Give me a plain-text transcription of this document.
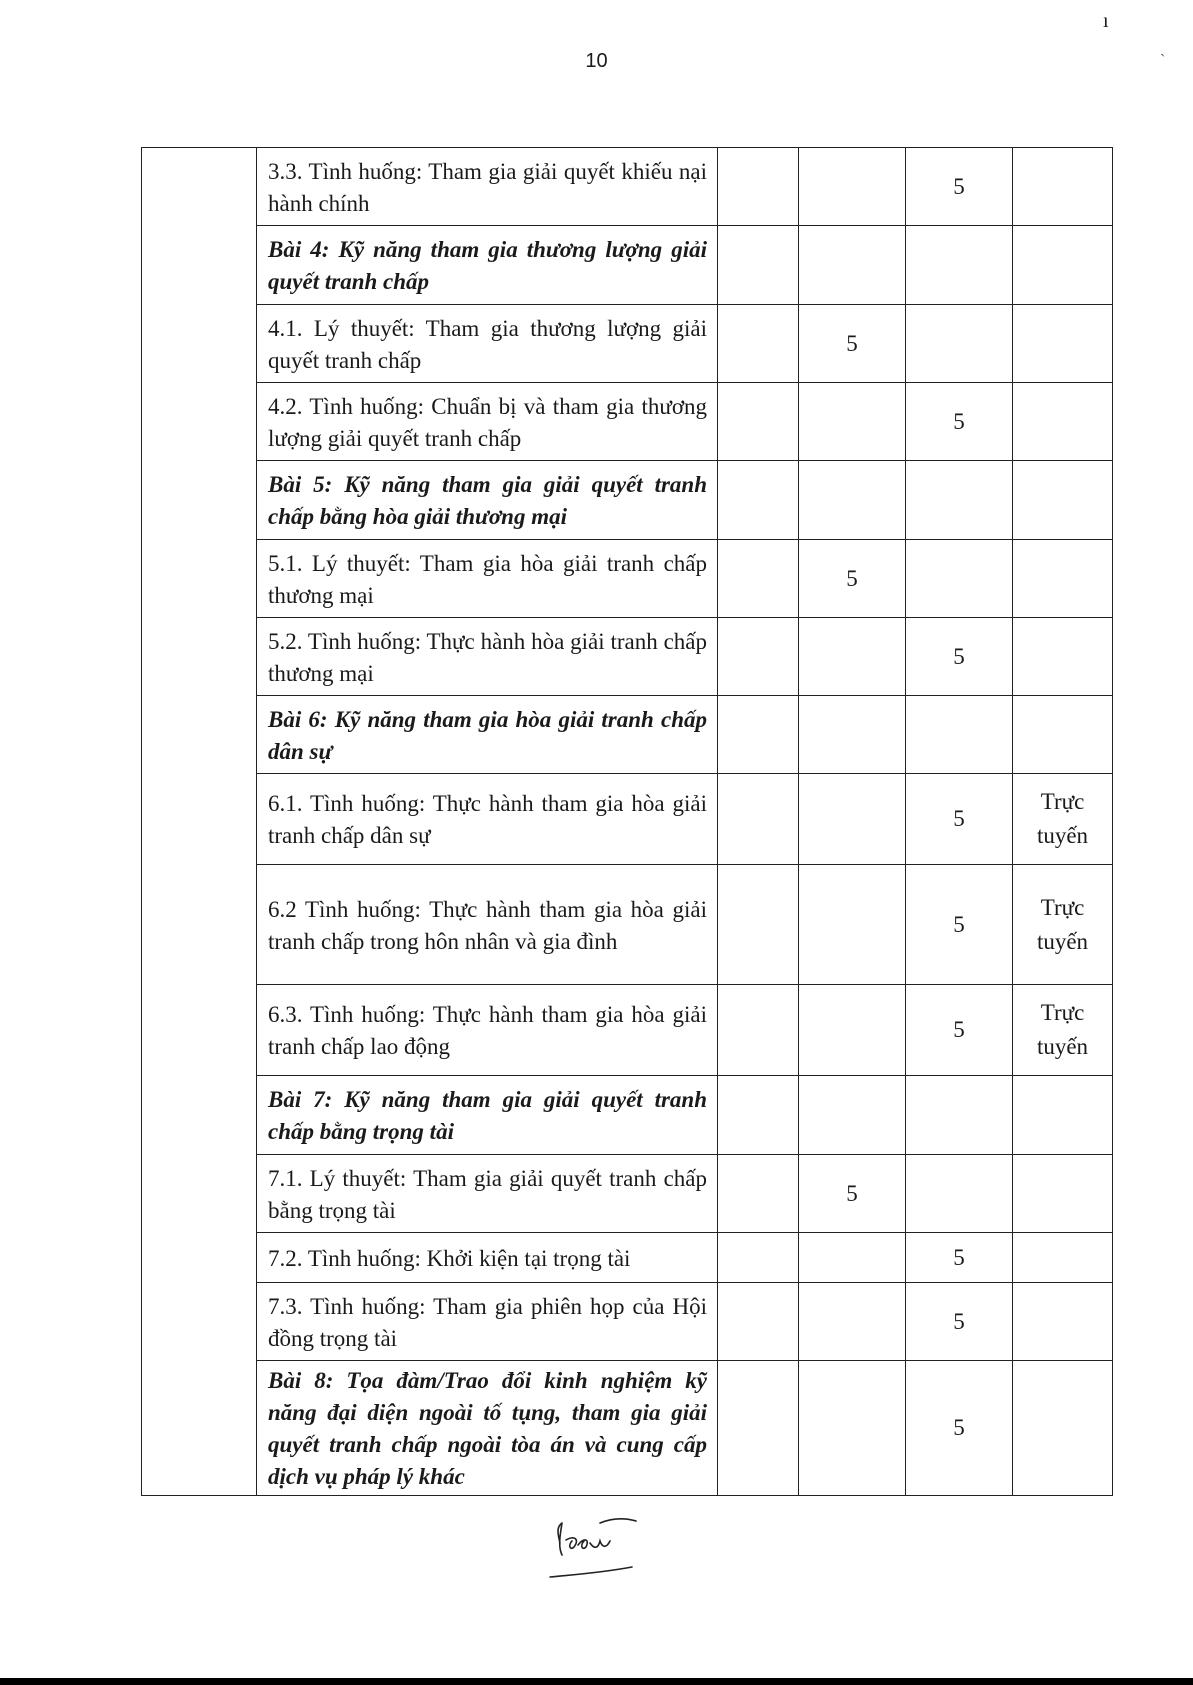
10
ı
ˏ

	3.3. Tình huống: Tham gia giải quyết khiếu nại hành chính			5	

	Bài 4: Kỹ năng tham gia thương lượng giải quyết tranh chấp				

	4.1. Lý thuyết: Tham gia thương lượng giải quyết tranh chấp		5		

	4.2. Tình huống: Chuẩn bị và tham gia thương lượng giải quyết tranh chấp			5	

	Bài 5: Kỹ năng tham gia giải quyết tranh chấp bằng hòa giải thương mại				

	5.1. Lý thuyết: Tham gia hòa giải tranh chấp thương mại		5		

	5.2. Tình huống: Thực hành hòa giải tranh chấp thương mại			5	

	Bài 6: Kỹ năng tham gia hòa giải tranh chấp dân sự				

	6.1. Tình huống: Thực hành tham gia hòa giải tranh chấp dân sự			5	Trực tuyến

	6.2 Tình huống: Thực hành tham gia hòa giải tranh chấp trong hôn nhân và gia đình			5	Trực tuyến

	6.3. Tình huống: Thực hành tham gia hòa giải tranh chấp lao động			5	Trực tuyến

	Bài 7: Kỹ năng tham gia giải quyết tranh chấp bằng trọng tài				

	7.1. Lý thuyết: Tham gia giải quyết tranh chấp bằng trọng tài		5		

	7.2. Tình huống: Khởi kiện tại trọng tài			5	

	7.3. Tình huống: Tham gia phiên họp của Hội đồng trọng tài			5	

	Bài 8: Tọa đàm/Trao đổi kinh nghiệm kỹ năng đại diện ngoài tố tụng, tham gia giải quyết tranh chấp ngoài tòa án và cung cấp dịch vụ pháp lý khác			5	
